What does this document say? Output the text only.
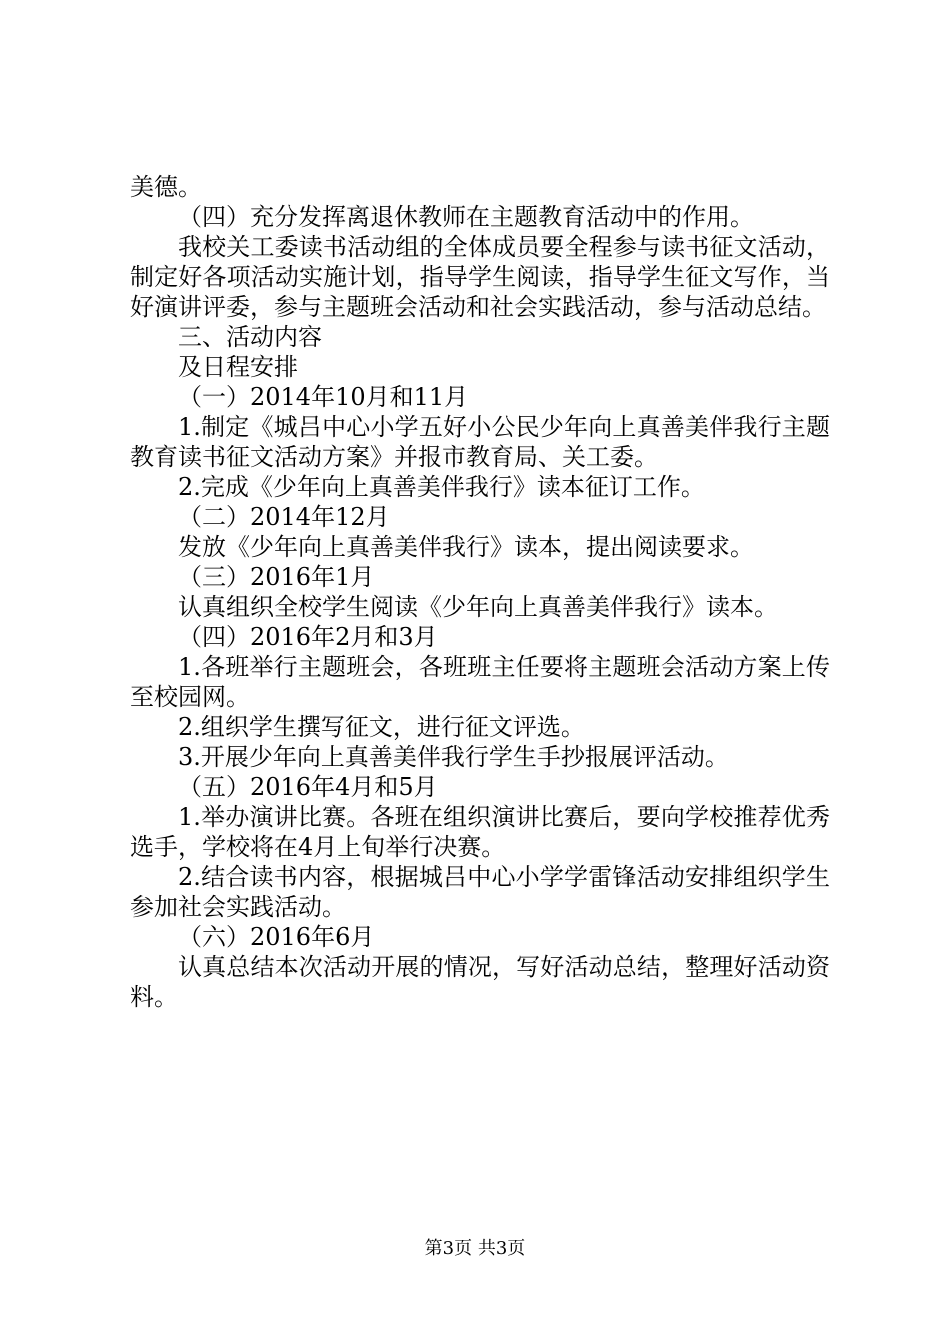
美德。

（四）充分发挥离退休教师在主题教育活动中的作用。

我校关工委读书活动组的全体成员要全程参与读书征文活动，制定好各项活动实施计划，指导学生阅读，指导学生征文写作，当好演讲评委，参与主题班会活动和社会实践活动，参与活动总结。

三、活动内容

及日程安排

（一）2014年10月和11月

1.制定《城吕中心小学五好小公民少年向上真善美伴我行主题教育读书征文活动方案》并报市教育局、关工委。

2.完成《少年向上真善美伴我行》读本征订工作。

（二）2014年12月

发放《少年向上真善美伴我行》读本，提出阅读要求。

（三）2016年1月

认真组织全校学生阅读《少年向上真善美伴我行》读本。

（四）2016年2月和3月

1.各班举行主题班会，各班班主任要将主题班会活动方案上传至校园网。

2.组织学生撰写征文，进行征文评选。

3.开展少年向上真善美伴我行学生手抄报展评活动。

（五）2016年4月和5月

1.举办演讲比赛。各班在组织演讲比赛后，要向学校推荐优秀选手，学校将在4月上旬举行决赛。

2.结合读书内容，根据城吕中心小学学雷锋活动安排组织学生参加社会实践活动。

（六）2016年6月

认真总结本次活动开展的情况，写好活动总结，整理好活动资料。

第3页 共3页
